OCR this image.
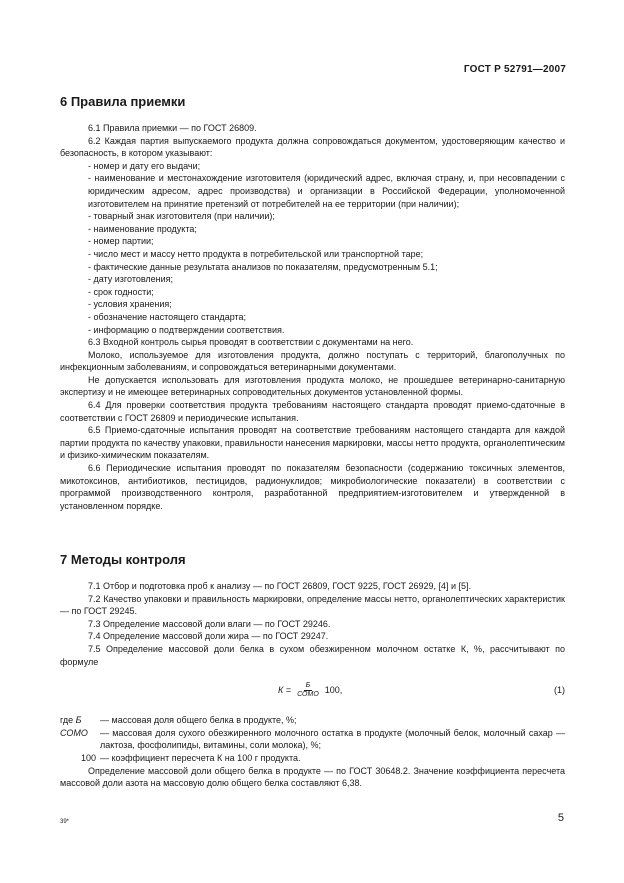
ГОСТ Р 52791—2007
6 Правила приемки

6.1 Правила приемки — по ГОСТ 26809.

6.2 Каждая партия выпускаемого продукта должна сопровождаться документом, удостоверяющим качество и безопасность, в котором указывают:

- номер и дату его выдачи;

- наименование и местонахождение изготовителя (юридический адрес, включая страну, и, при несовпадении с юридическим адресом, адрес производства) и организации в Российской Федерации, уполномоченной изготовителем на принятие претензий от потребителей на ее территории (при наличии);

- товарный знак изготовителя (при наличии);

- наименование продукта;

- номер партии;

- число мест и массу нетто продукта в потребительской или транспортной таре;

- фактические данные результата анализов по показателям, предусмотренным 5.1;

- дату изготовления;

- срок годности;

- условия хранения;

- обозначение настоящего стандарта;

- информацию о подтверждении соответствия.

6.3 Входной контроль сырья проводят в соответствии с документами на него.

Молоко, используемое для изготовления продукта, должно поступать с территорий, благополучных по инфекционным заболеваниям, и сопровождаться ветеринарными документами.

Не допускается использовать для изготовления продукта молоко, не прошедшее ветеринарно-санитарную экспертизу и не имеющее ветеринарных сопроводительных документов установленной формы.

6.4 Для проверки соответствия продукта требованиям настоящего стандарта проводят приемо-сдаточные в соответствии с ГОСТ 26809 и периодические испытания.

6.5 Приемо-сдаточные испытания проводят на соответствие требованиям настоящего стандарта для каждой партии продукта по качеству упаковки, правильности нанесения маркировки, массы нетто продукта, органолептическим и физико-химическим показателям.

6.6 Периодические испытания проводят по показателям безопасности (содержанию токсичных элементов, микотоксинов, антибиотиков, пестицидов, радионуклидов; микробиологические показатели) в соответствии с программой производственного контроля, разработанной предприятием-изготовителем и утвержденной в установленном порядке.

7 Методы контроля

7.1 Отбор и подготовка проб к анализу — по ГОСТ 26809, ГОСТ 9225, ГОСТ 26929, [4] и [5].

7.2 Качество упаковки и правильность маркировки, определение массы нетто, органолептических характеристик — по ГОСТ 29245.

7.3 Определение массовой доли влаги — по ГОСТ 29246.

7.4 Определение массовой доли жира — по ГОСТ 29247.

7.5 Определение массовой доли белка в сухом обезжиренном молочном остатке К, %, рассчитывают по формуле

$К = \frac{Б}{\text{СОМО}} 100$,	(1)
где Б	— массовая доля общего белка в продукте, %;
СОМО	— массовая доля сухого обезжиренного молочного остатка в продукте (молочный белок, молочный сахар — лактоза, фосфолипиды, витамины, соли молока), %;
100 — коэффициент пересчета К на 100 г продукта.

Определение массовой доли общего белка в продукте — по ГОСТ 30648.2. Значение коэффициента пересчета массовой доли азота на массовую долю общего белка составляют 6,38.

39*	5
